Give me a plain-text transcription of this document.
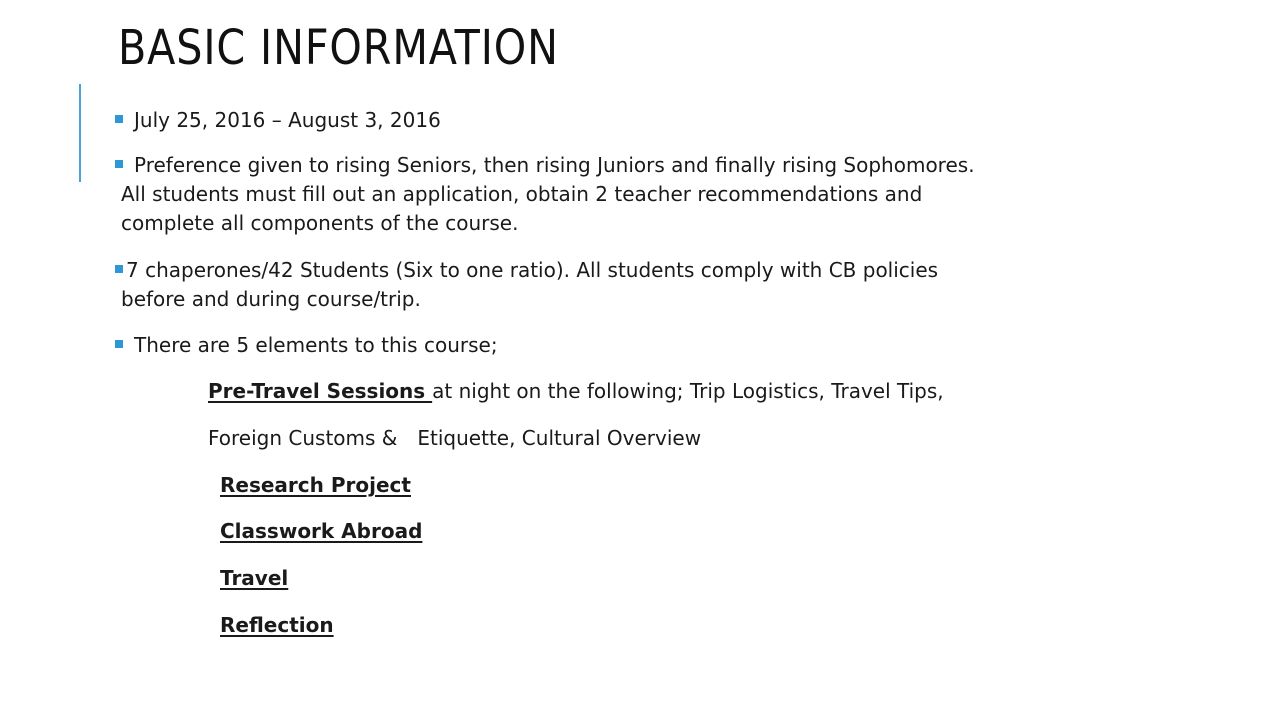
BASIC INFORMATION
July 25, 2016 – August 3, 2016
Preference given to rising Seniors, then rising Juniors and finally rising Sophomores.
All students must fill out an application, obtain 2 teacher recommendations and
complete all components of the course.
7 chaperones/42 Students (Six to one ratio). All students comply with CB policies
before and during course/trip.
There are 5 elements to this course;
Pre-Travel Sessions at night on the following; Trip Logistics, Travel Tips,
Foreign Customs & Etiquette, Cultural Overview
Research Project
Classwork Abroad
Travel
Reflection
